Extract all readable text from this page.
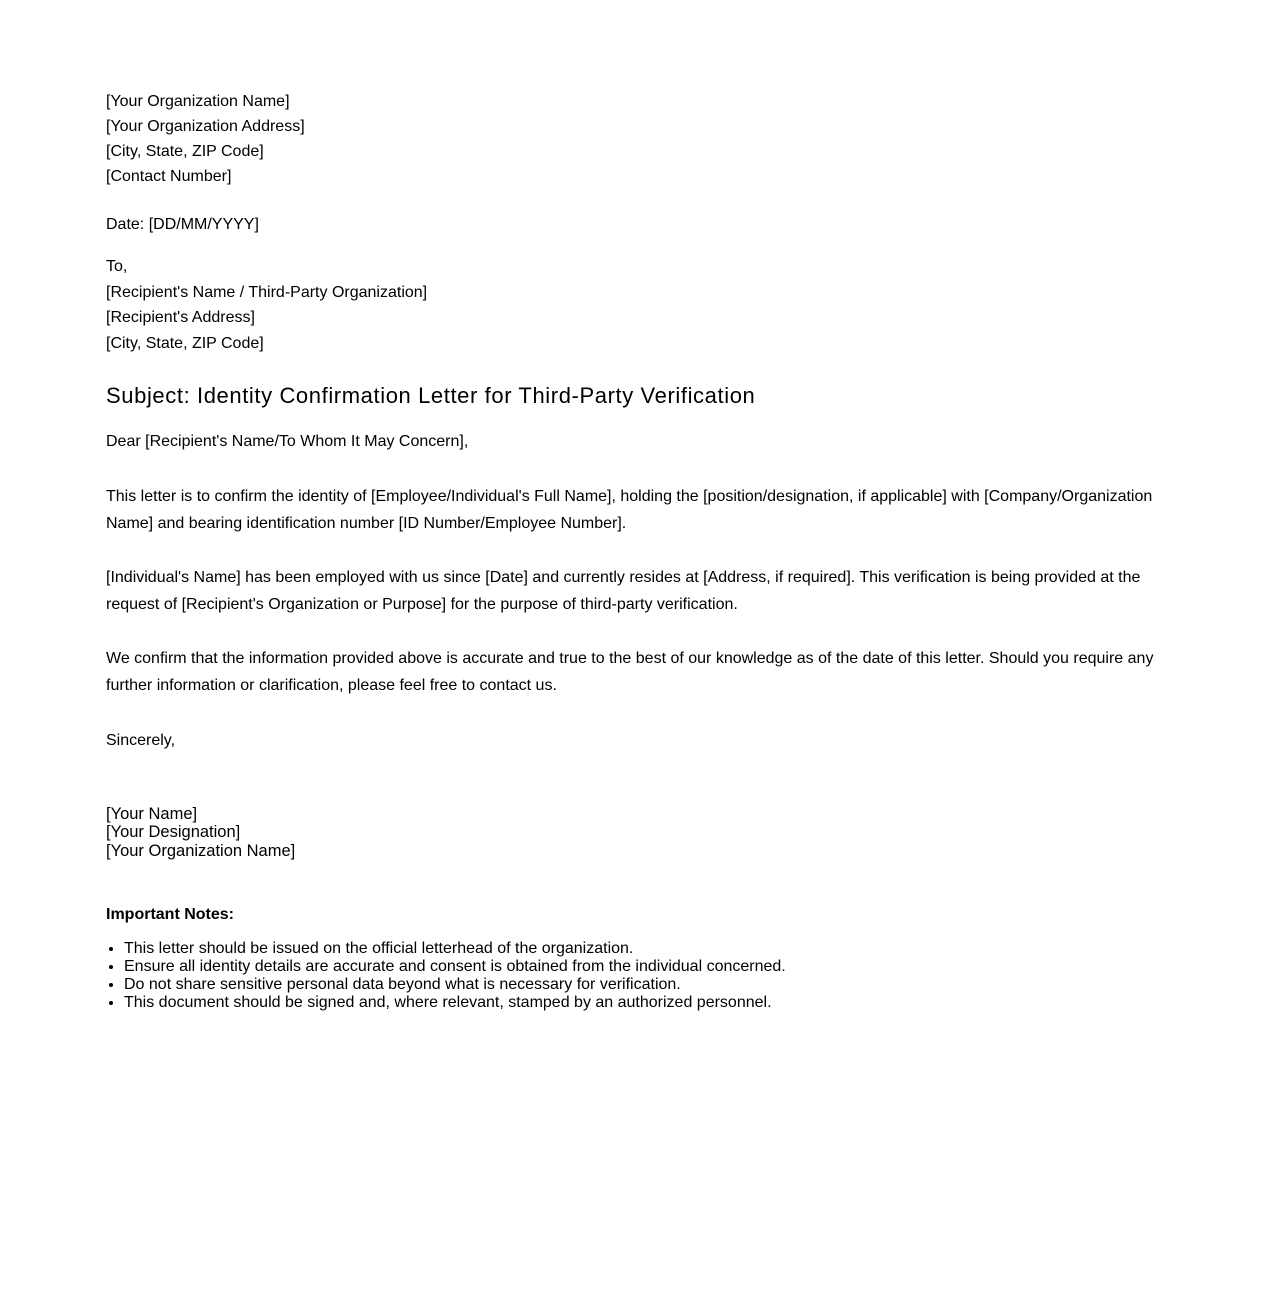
[Your Organization Name]
[Your Organization Address]
[City, State, ZIP Code]
[Contact Number]
Date: [DD/MM/YYYY]
To,
[Recipient's Name / Third-Party Organization]
[Recipient's Address]
[City, State, ZIP Code]
Subject: Identity Confirmation Letter for Third-Party Verification
Dear [Recipient's Name/To Whom It May Concern],

This letter is to confirm the identity of [Employee/Individual's Full Name], holding the [position/designation, if applicable] with [Company/Organization Name] and bearing identification number [ID Number/Employee Number].

[Individual's Name] has been employed with us since [Date] and currently resides at [Address, if required]. This verification is being provided at the request of [Recipient's Organization or Purpose] for the purpose of third-party verification.

We confirm that the information provided above is accurate and true to the best of our knowledge as of the date of this letter. Should you require any further information or clarification, please feel free to contact us.

Sincerely,
[Your Name]
[Your Designation]
[Your Organization Name]
Important Notes:
• This letter should be issued on the official letterhead of the organization.
• Ensure all identity details are accurate and consent is obtained from the individual concerned.
• Do not share sensitive personal data beyond what is necessary for verification.
• This document should be signed and, where relevant, stamped by an authorized personnel.
